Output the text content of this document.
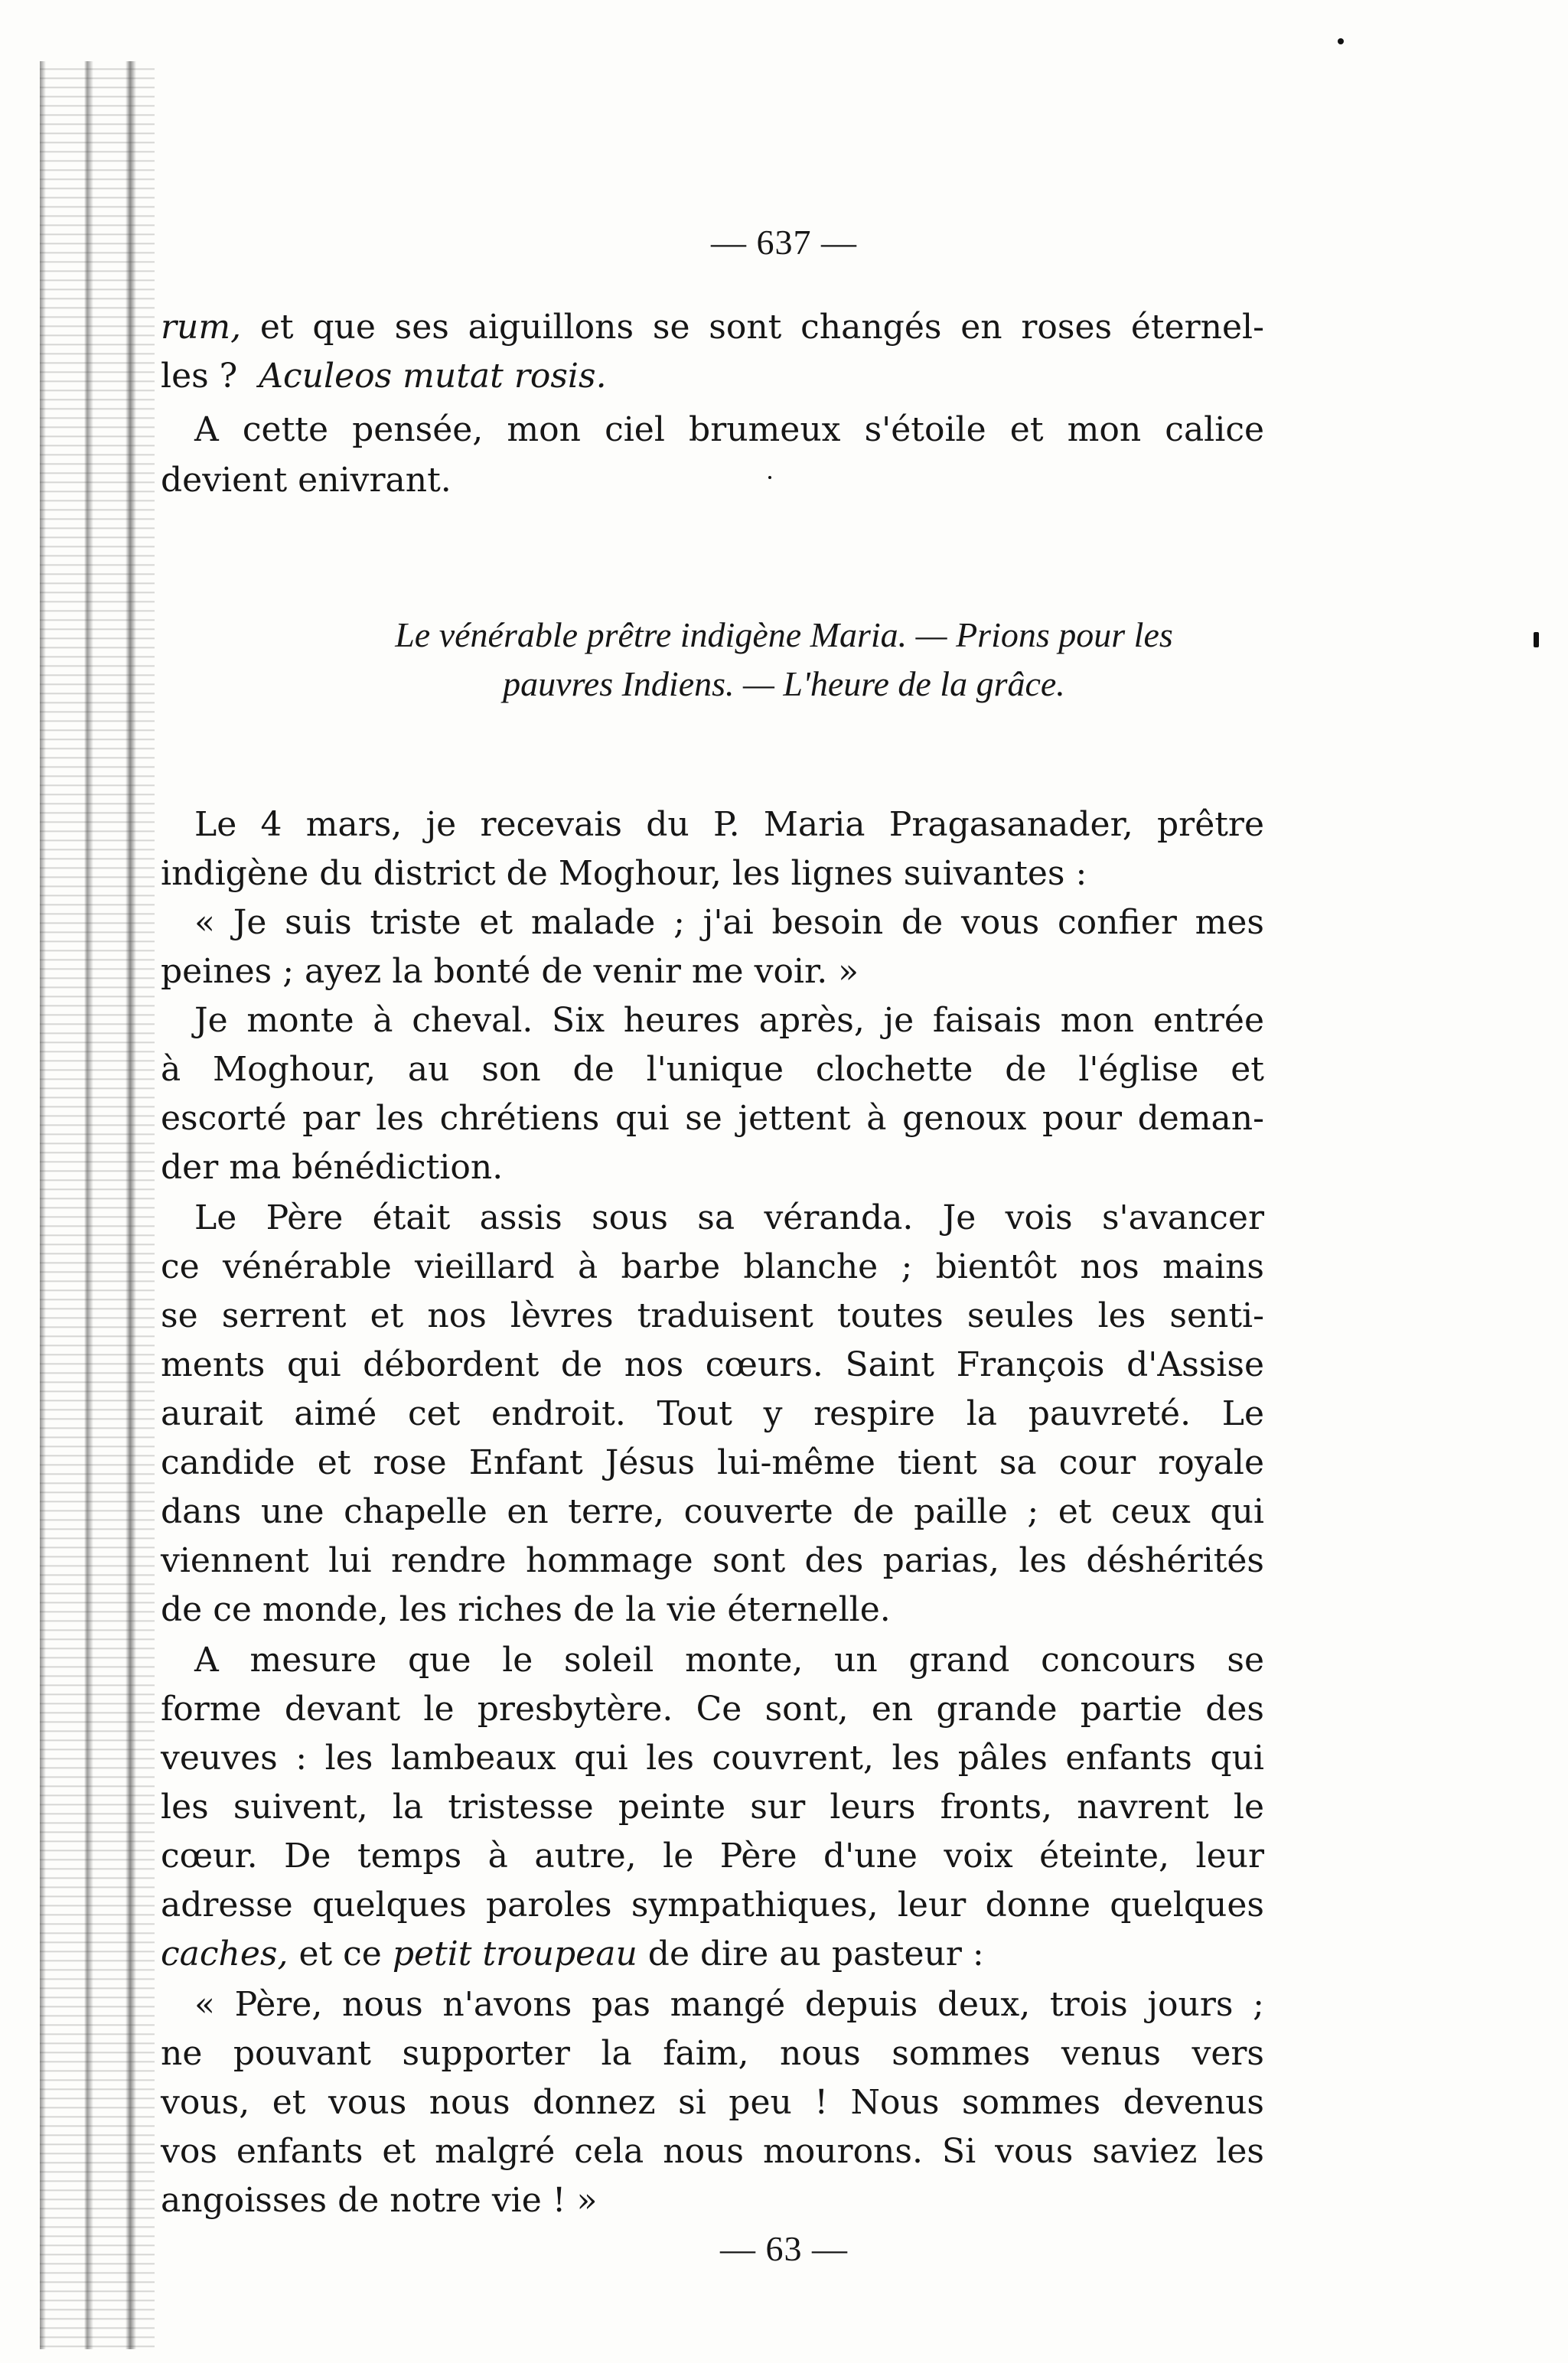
— 637 —
rum, et que ses aiguillons se sont changés en roses éternel-
les ?  Aculeos mutat rosis.
A cette pensée, mon ciel brumeux s'étoile et mon calice
devient enivrant.
Le vénérable prêtre indigène Maria. — Prions pour les
pauvres Indiens. — L'heure de la grâce.
Le 4 mars, je recevais du P. Maria Pragasanader, prêtre
indigène du district de Moghour, les lignes suivantes :
« Je suis triste et malade ; j'ai besoin de vous confier mes
peines ; ayez la bonté de venir me voir. »
Je monte à cheval. Six heures après, je faisais mon entrée
à Moghour, au son de l'unique clochette de l'église et
escorté par les chrétiens qui se jettent à genoux pour deman-
der ma bénédiction.
Le Père était assis sous sa véranda. Je vois s'avancer
ce vénérable vieillard à barbe blanche ; bientôt nos mains
se serrent et nos lèvres traduisent toutes seules les senti-
ments qui débordent de nos cœurs. Saint François d'Assise
aurait aimé cet endroit. Tout y respire la pauvreté. Le
candide et rose Enfant Jésus lui-même tient sa cour royale
dans une chapelle en terre, couverte de paille ; et ceux qui
viennent lui rendre hommage sont des parias, les déshérités
de ce monde, les riches de la vie éternelle.
A mesure que le soleil monte, un grand concours se
forme devant le presbytère. Ce sont, en grande partie des
veuves : les lambeaux qui les couvrent, les pâles enfants qui
les suivent, la tristesse peinte sur leurs fronts, navrent le
cœur. De temps à autre, le Père d'une voix éteinte, leur
adresse quelques paroles sympathiques, leur donne quelques
caches, et ce petit troupeau de dire au pasteur :
« Père, nous n'avons pas mangé depuis deux, trois jours ;
ne pouvant supporter la faim, nous sommes venus vers
vous, et vous nous donnez si peu ! Nous sommes devenus
vos enfants et malgré cela nous mourons. Si vous saviez les
angoisses de notre vie ! »
— 63 —
